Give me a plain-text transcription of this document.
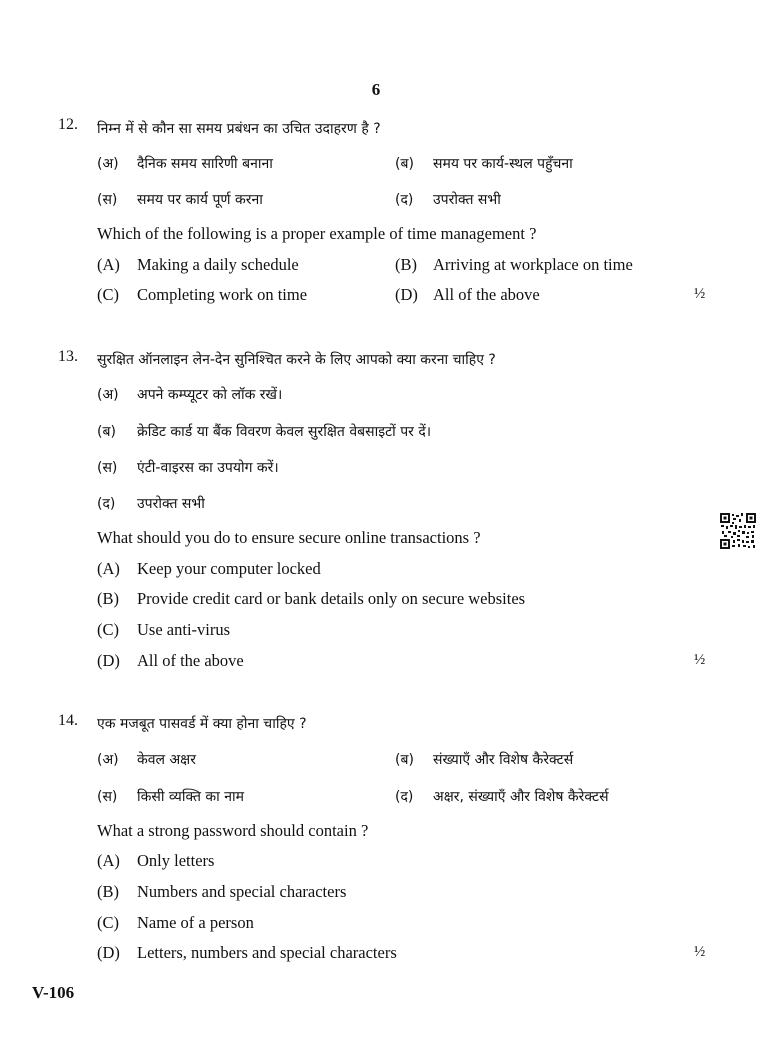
6
12. निम्न में से कौन सा समय प्रबंधन का उचित उदाहरण है ?
(अ) दैनिक समय सारिणी बनाना	(ब) समय पर कार्य-स्थल पहुँचना
(स) समय पर कार्य पूर्ण करना	(द) उपरोक्त सभी
Which of the following is a proper example of time management ?
(A) Making a daily schedule	(B) Arriving at workplace on time
(C) Completing work on time	(D) All of the above	½
13. सुरक्षित ऑनलाइन लेन-देन सुनिश्चित करने के लिए आपको क्या करना चाहिए ?
(अ) अपने कम्प्यूटर को लॉक रखें।
(ब) क्रेडिट कार्ड या बैंक विवरण केवल सुरक्षित वेबसाइटों पर दें।
(स) एंटी-वाइरस का उपयोग करें।
(द) उपरोक्त सभी
What should you do to ensure secure online transactions ?
(A) Keep your computer locked
(B) Provide credit card or bank details only on secure websites
(C) Use anti-virus
(D) All of the above	½
14. एक मजबूत पासवर्ड में क्या होना चाहिए ?
(अ) केवल अक्षर	(ब) संख्याएँ और विशेष कैरेक्टर्स
(स) किसी व्यक्ति का नाम	(द) अक्षर, संख्याएँ और विशेष कैरेक्टर्स
What a strong password should contain ?
(A) Only letters
(B) Numbers and special characters
(C) Name of a person
(D) Letters, numbers and special characters	½
V-106
